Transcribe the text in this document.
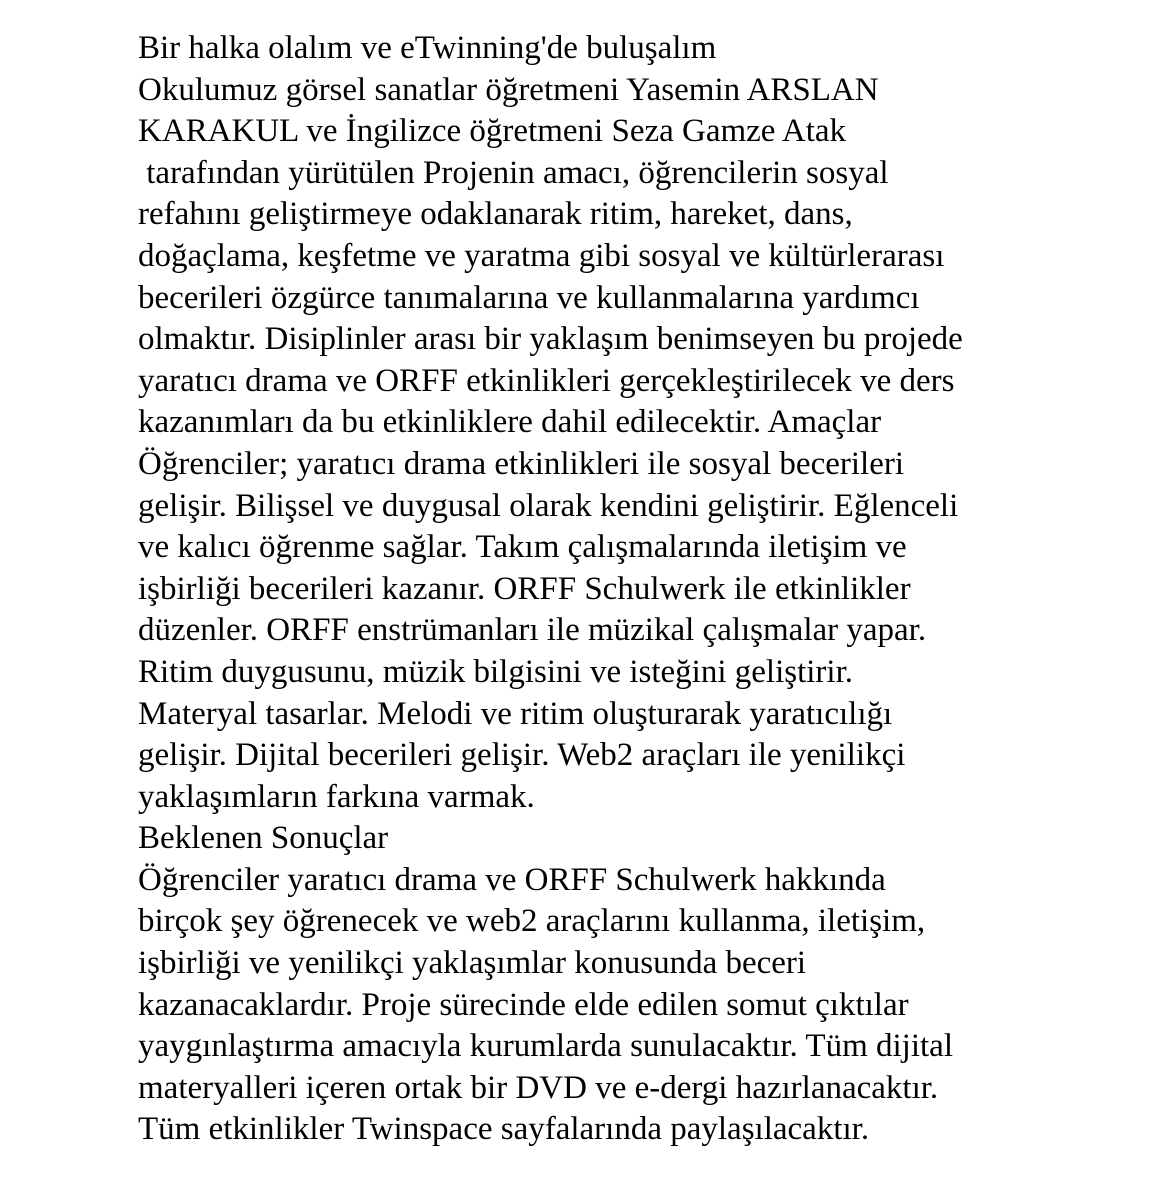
Bir halka olalım ve eTwinning'de buluşalım
Okulumuz görsel sanatlar öğretmeni Yasemin ARSLAN
KARAKUL ve İngilizce öğretmeni Seza Gamze Atak
tarafından yürütülen Projenin amacı, öğrencilerin sosyal
refahını geliştirmeye odaklanarak ritim, hareket, dans,
doğaçlama, keşfetme ve yaratma gibi sosyal ve kültürlerarası
becerileri özgürce tanımalarına ve kullanmalarına yardımcı
olmaktır. Disiplinler arası bir yaklaşım benimseyen bu projede
yaratıcı drama ve ORFF etkinlikleri gerçekleştirilecek ve ders
kazanımları da bu etkinliklere dahil edilecektir. Amaçlar
Öğrenciler; yaratıcı drama etkinlikleri ile sosyal becerileri
gelişir. Bilişsel ve duygusal olarak kendini geliştirir. Eğlenceli
ve kalıcı öğrenme sağlar. Takım çalışmalarında iletişim ve
işbirliği becerileri kazanır. ORFF Schulwerk ile etkinlikler
düzenler. ORFF enstrümanları ile müzikal çalışmalar yapar.
Ritim duygusunu, müzik bilgisini ve isteğini geliştirir.
Materyal tasarlar. Melodi ve ritim oluşturarak yaratıcılığı
gelişir. Dijital becerileri gelişir. Web2 araçları ile yenilikçi
yaklaşımların farkına varmak.
Beklenen Sonuçlar
Öğrenciler yaratıcı drama ve ORFF Schulwerk hakkında
birçok şey öğrenecek ve web2 araçlarını kullanma, iletişim,
işbirliği ve yenilikçi yaklaşımlar konusunda beceri
kazanacaklardır. Proje sürecinde elde edilen somut çıktılar
yaygınlaştırma amacıyla kurumlarda sunulacaktır. Tüm dijital
materyalleri içeren ortak bir DVD ve e-dergi hazırlanacaktır.
Tüm etkinlikler Twinspace sayfalarında paylaşılacaktır.
